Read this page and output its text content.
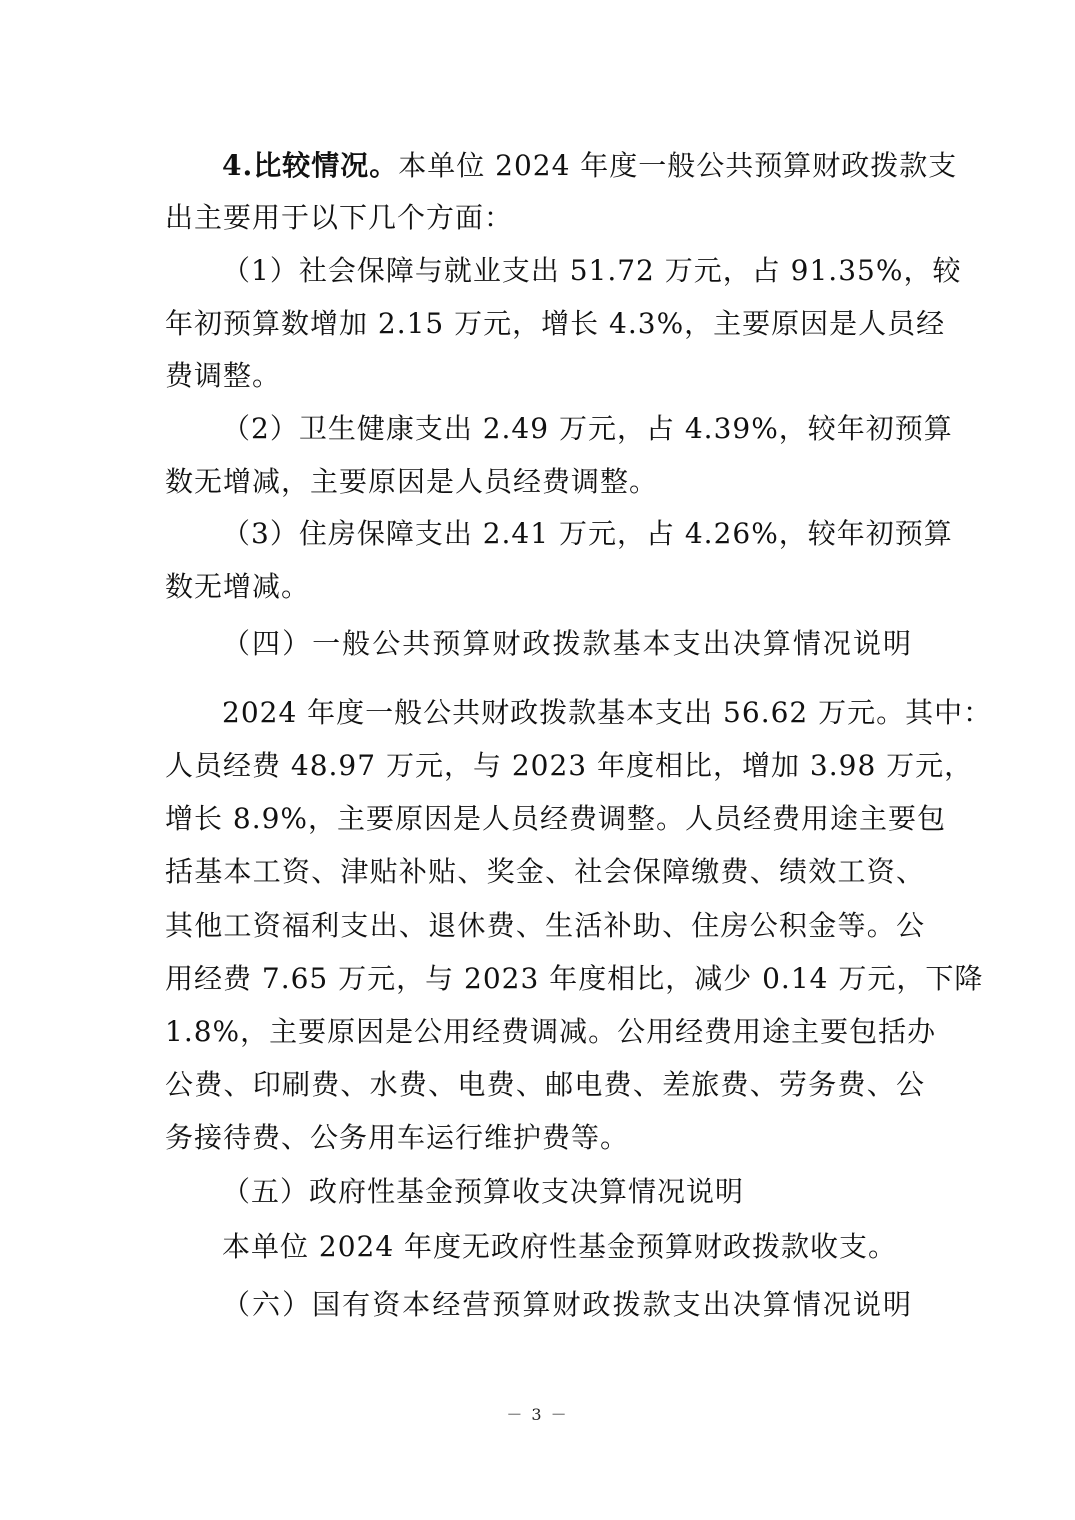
4.比较情况。本单位 2024 年度一般公共预算财政拨款支
出主要用于以下几个方面：
（1）社会保障与就业支出 51.72 万元，占 91.35%，较
年初预算数增加 2.15 万元，增长 4.3%，主要原因是人员经
费调整。
（2）卫生健康支出 2.49 万元，占 4.39%，较年初预算
数无增减，主要原因是人员经费调整。
（3）住房保障支出 2.41 万元，占 4.26%，较年初预算
数无增减。
（四）一般公共预算财政拨款基本支出决算情况说明
2024 年度一般公共财政拨款基本支出 56.62 万元。其中：
人员经费 48.97 万元，与 2023 年度相比，增加 3.98 万元，
增长 8.9%，主要原因是人员经费调整。人员经费用途主要包
括基本工资、津贴补贴、奖金、社会保障缴费、绩效工资、
其他工资福利支出、退休费、生活补助、住房公积金等。公
用经费 7.65 万元，与 2023 年度相比，减少 0.14 万元，下降
1.8%，主要原因是公用经费调减。公用经费用途主要包括办
公费、印刷费、水费、电费、邮电费、差旅费、劳务费、公
务接待费、公务用车运行维护费等。
（五）政府性基金预算收支决算情况说明
本单位 2024 年度无政府性基金预算财政拨款收支。
（六）国有资本经营预算财政拨款支出决算情况说明
－ 3 －
